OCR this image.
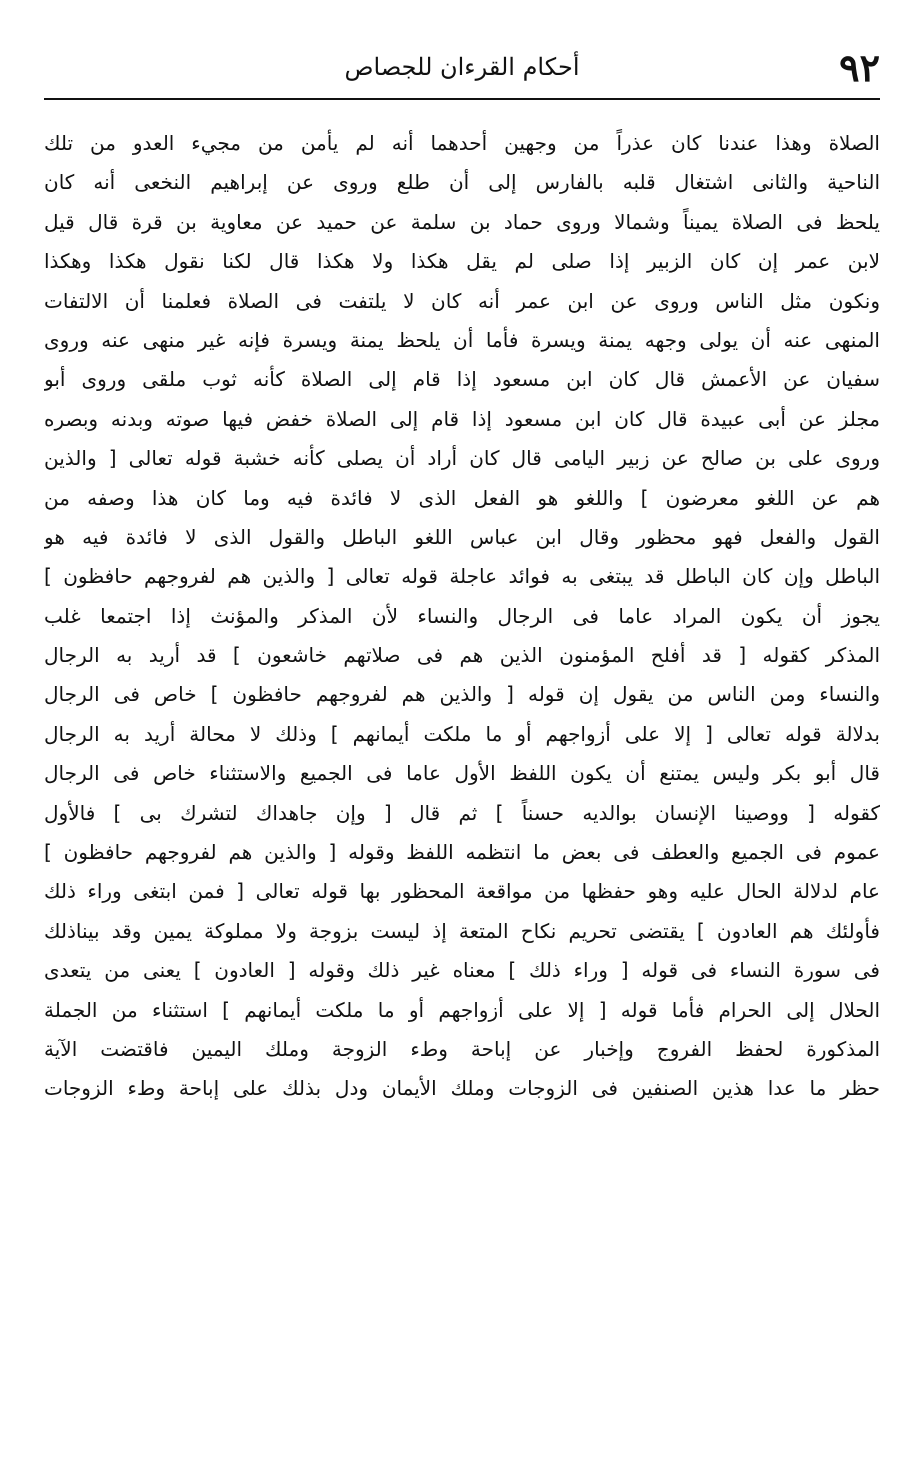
٩٢
أحكام القرءان للجصاص
الصلاة وهذا عندنا كان عذراً من وجهين أحدهما أنه لم يأمن من مجيء العدو من تلك
الناحية والثانى اشتغال قلبه بالفارس إلى أن طلع وروى عن إبراهيم النخعى أنه كان
يلحظ فى الصلاة يميناً وشمالا وروى حماد بن سلمة عن حميد عن معاوية بن قرة قال قيل
لابن عمر إن كان الزبير إذا صلى لم يقل هكذا ولا هكذا قال لكنا نقول هكذا وهكذا
ونكون مثل الناس وروى عن ابن عمر أنه كان لا يلتفت فى الصلاة فعلمنا أن الالتفات
المنهى عنه أن يولى وجهه يمنة ويسرة فأما أن يلحظ يمنة ويسرة فإنه غير منهى عنه وروى
سفيان عن الأعمش قال كان ابن مسعود إذا قام إلى الصلاة كأنه ثوب ملقى وروى أبو
مجلز عن أبى عبيدة قال كان ابن مسعود إذا قام إلى الصلاة خفض فيها صوته وبدنه وبصره
وروى على بن صالح عن زبير اليامى قال كان أراد أن يصلى كأنه خشبة قوله تعالى [ والذين
هم عن اللغو معرضون ] واللغو هو الفعل الذى لا فائدة فيه وما كان هذا وصفه من
القول والفعل فهو محظور وقال ابن عباس اللغو الباطل والقول الذى لا فائدة فيه هو
الباطل وإن كان الباطل قد يبتغى به فوائد عاجلة قوله تعالى [ والذين هم لفروجهم حافظون ]
يجوز أن يكون المراد عاما فى الرجال والنساء لأن المذكر والمؤنث إذا اجتمعا غلب
المذكر كقوله [ قد أفلح المؤمنون الذين هم فى صلاتهم خاشعون ] قد أريد به الرجال
والنساء ومن الناس من يقول إن قوله [ والذين هم لفروجهم حافظون ] خاص فى الرجال
بدلالة قوله تعالى [ إلا على أزواجهم أو ما ملكت أيمانهم ] وذلك لا محالة أريد به الرجال
قال أبو بكر وليس يمتنع أن يكون اللفظ الأول عاما فى الجميع والاستثناء خاص فى الرجال
كقوله [ ووصينا الإنسان بوالديه حسناً ] ثم قال [ وإن جاهداك لتشرك بى ] فالأول
عموم فى الجميع والعطف فى بعض ما انتظمه اللفظ وقوله [ والذين هم لفروجهم حافظون ]
عام لدلالة الحال عليه وهو حفظها من مواقعة المحظور بها قوله تعالى [ فمن ابتغى وراء ذلك
فأولئك هم العادون ] يقتضى تحريم نكاح المتعة إذ ليست بزوجة ولا مملوكة يمين وقد بيناذلك
فى سورة النساء فى قوله [ وراء ذلك ] معناه غير ذلك وقوله [ العادون ] يعنى من يتعدى
الحلال إلى الحرام فأما قوله [ إلا على أزواجهم أو ما ملكت أيمانهم ] استثناء من الجملة
المذكورة لحفظ الفروج وإخبار عن إباحة وطء الزوجة وملك اليمين فاقتضت الآية
حظر ما عدا هذين الصنفين فى الزوجات وملك الأيمان ودل بذلك على إباحة وطء الزوجات
